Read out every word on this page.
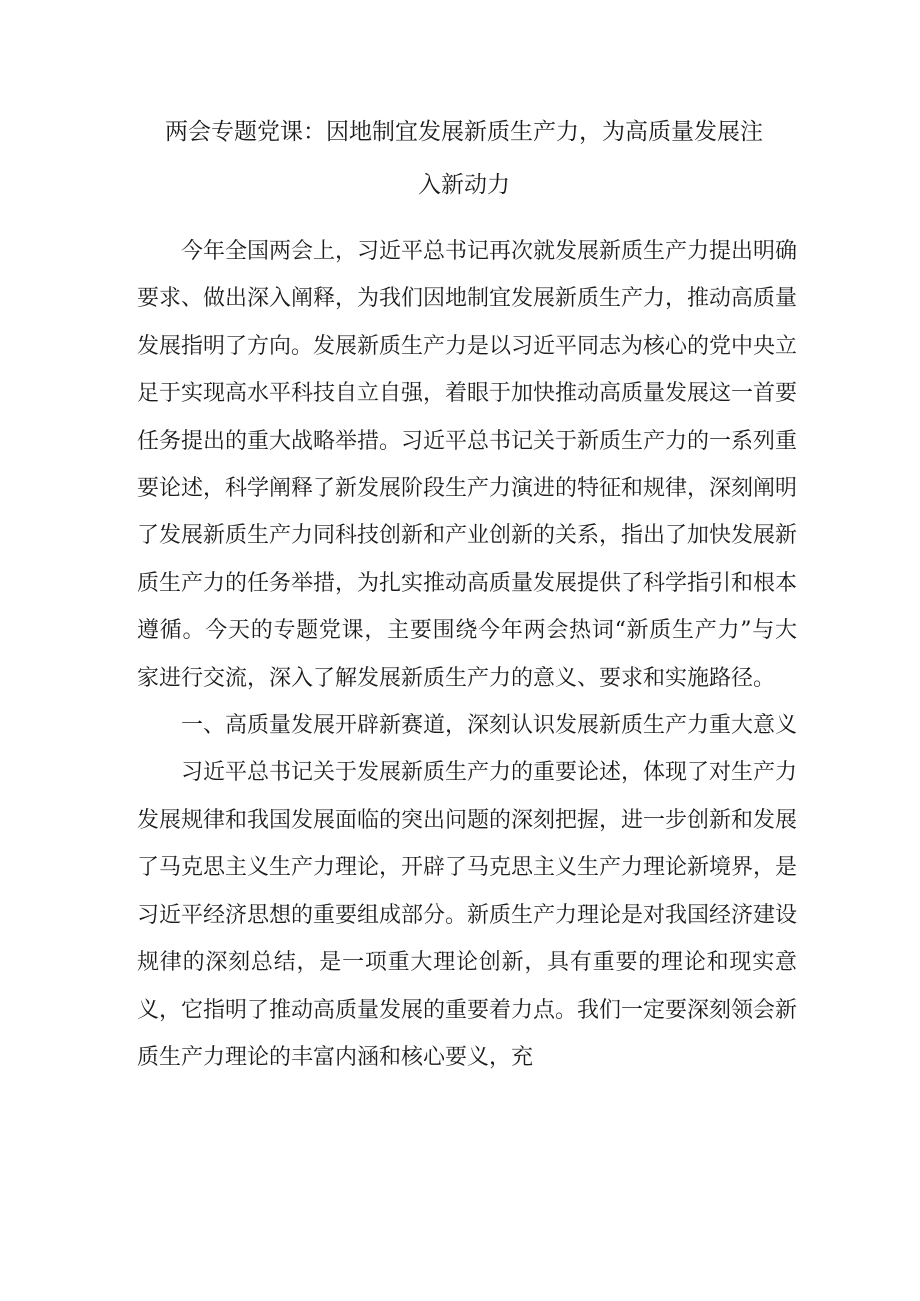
两会专题党课：因地制宜发展新质生产力，为高质量发展注
入新动力

今年全国两会上，习近平总书记再次就发展新质生产力提出明确要求、做出深入阐释，为我们因地制宜发展新质生产力，推动高质量发展指明了方向。发展新质生产力是以习近平同志为核心的党中央立足于实现高水平科技自立自强，着眼于加快推动高质量发展这一首要任务提出的重大战略举措。习近平总书记关于新质生产力的一系列重要论述，科学阐释了新发展阶段生产力演进的特征和规律，深刻阐明了发展新质生产力同科技创新和产业创新的关系，指出了加快发展新质生产力的任务举措，为扎实推动高质量发展提供了科学指引和根本遵循。今天的专题党课，主要围绕今年两会热词“新质生产力”与大家进行交流，深入了解发展新质生产力的意义、要求和实施路径。

一、高质量发展开辟新赛道，深刻认识发展新质生产力重大意义

习近平总书记关于发展新质生产力的重要论述，体现了对生产力发展规律和我国发展面临的突出问题的深刻把握，进一步创新和发展了马克思主义生产力理论，开辟了马克思主义生产力理论新境界，是习近平经济思想的重要组成部分。新质生产力理论是对我国经济建设规律的深刻总结，是一项重大理论创新，具有重要的理论和现实意义，它指明了推动高质量发展的重要着力点。我们一定要深刻领会新质生产力理论的丰富内涵和核心要义，充
